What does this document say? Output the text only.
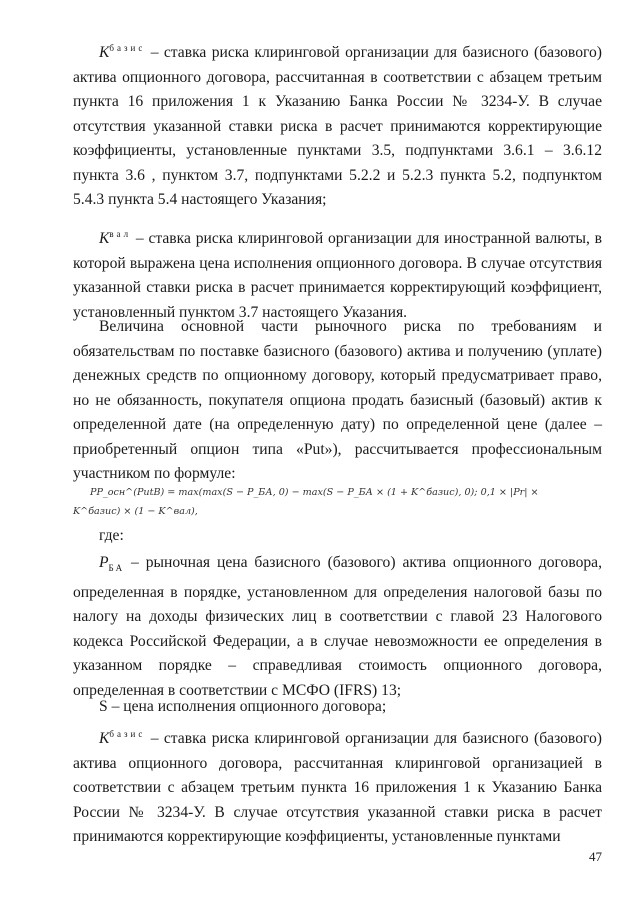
$K^{базис}$ – ставка риска клиринговой организации для базисного (базового) актива опционного договора, рассчитанная в соответствии с абзацем третьим пункта 16 приложения 1 к Указанию Банка России № 3234-У. В случае отсутствия указанной ставки риска в расчет принимаются корректирующие коэффициенты, установленные пунктами 3.5, подпунктами 3.6.1 – 3.6.12 пункта 3.6 , пунктом 3.7, подпунктами 5.2.2 и 5.2.3 пункта 5.2, подпунктом 5.4.3 пункта 5.4 настоящего Указания;

$K^{вал}$ – ставка риска клиринговой организации для иностранной валюты, в которой выражена цена исполнения опционного договора. В случае отсутствия указанной ставки риска в расчет принимается корректирующий коэффициент, установленный пунктом 3.7 настоящего Указания.

Величина основной части рыночного риска по требованиям и обязательствам по поставке базисного (базового) актива и получению (уплате) денежных средств по опционному договору, который предусматривает право, но не обязанность, покупателя опциона продать базисный (базовый) актив к определенной дате (на определенную дату) по определенной цене (далее – приобретенный опцион типа «Put»), рассчитывается профессиональным участником по формуле:

PP_осн^(PutB) = max(max(S − P_БА, 0) − max(S − P_БА × (1 + K^базис), 0); 0,1 × |Pr| ×
K^базис) × (1 − K^вал),

где:

$P_{БА}$ – рыночная цена базисного (базового) актива опционного договора, определенная в порядке, установленном для определения налоговой базы по налогу на доходы физических лиц в соответствии с главой 23 Налогового кодекса Российской Федерации, а в случае невозможности ее определения в указанном порядке – справедливая стоимость опционного договора, определенная в соответствии с МСФО (IFRS) 13;

S – цена исполнения опционного договора;

$K^{базис}$ – ставка риска клиринговой организации для базисного (базового) актива опционного договора, рассчитанная клиринговой организацией в соответствии с абзацем третьим пункта 16 приложения 1 к Указанию Банка России № 3234-У. В случае отсутствия указанной ставки риска в расчет принимаются корректирующие коэффициенты, установленные пунктами

47
